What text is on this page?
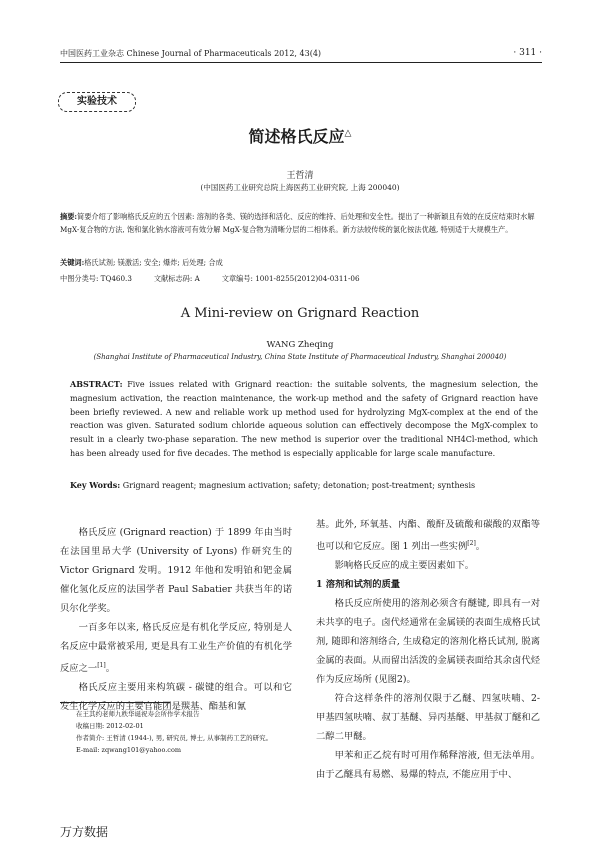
中国医药工业杂志 Chinese Journal of Pharmaceuticals 2012, 43(4)	· 311 ·
实验技术
简述格氏反应△
王哲清
(中国医药工业研究总院上海医药工业研究院, 上海 200040)
摘要:简要介绍了影响格氏反应的五个因素: 溶剂的各类、镁的选择和活化、反应的维持、后处理和安全性。提出了一种新颖且有效的在反应结束时水解 MgX-复合物的方法, 饱和氯化钠水溶液可有效分解 MgX-复合物为清晰分层的二相体系。新方法较传统的氯化铵法优越, 特别适于大规模生产。
关键词:格氏试剂; 镁激活; 安全; 爆炸; 后处理; 合成
中图分类号: TQ460.3	文献标志码: A	文章编号: 1001-8255(2012)04-0311-06
A Mini-review on Grignard Reaction
WANG Zheqing
(Shanghai Institute of Pharmaceutical Industry, China State Institute of Pharmaceutical Industry, Shanghai 200040)
ABSTRACT: Five issues related with Grignard reaction: the suitable solvents, the magnesium selection, the magnesium activation, the reaction maintenance, the work-up method and the safety of Grignard reaction have been briefly reviewed. A new and reliable work up method used for hydrolyzing MgX-complex at the end of the reaction was given. Saturated sodium chloride aqueous solution can effectively decompose the MgX-complex to result in a clearly two-phase separation. The new method is superior over the traditional NH4Cl-method, which has been already used for five decades. The method is especially applicable for large scale manufacture.
Key Words: Grignard reagent; magnesium activation; safety; detonation; post-treatment; synthesis

格氏反应 (Grignard reaction) 于 1899 年由当时在法国里昂大学 (University of Lyons) 作研究生的 Victor Grignard 发明。1912 年他和发明铂和钯金属催化氢化反应的法国学者 Paul Sabatier 共获当年的诺贝尔化学奖。

一百多年以来, 格氏反应是有机化学反应, 特别是人名反应中最常被采用, 更是具有工业生产价值的有机化学反应之一[1]。

格氏反应主要用来构筑碳 - 碳键的组合。可以和它发生化学反应的主要官能团是羰基、酯基和氰

基。此外, 环氧基、内酯、酸酐及硫酸和碳酸的双酯等也可以和它反应。图 1 列出一些实例[2]。

影响格氏反应的成主要因素如下。

1 溶剂和试剂的质量

格氏反应所使用的溶剂必须含有醚键, 即具有一对未共享的电子。卤代烃通常在金属镁的表面生成格氏试剂, 随即和溶剂络合, 生成稳定的溶剂化格氏试剂, 脱离金属的表面。从而留出活泼的金属镁表面给其余卤代烃作为反应场所 (见图2)。

符合这样条件的溶剂仅限于乙醚、四氢呋喃、2- 甲基四氢呋喃、叔丁基醚、异丙基醚、甲基叔丁醚和乙二醇二甲醚。

甲苯和正乙烷有时可用作稀释溶液, 但无法单用。由于乙醚具有易燃、易爆的特点, 不能应用于中、

在王其约老师九秩华诞祝寿会所作学术报告
收稿日期: 2012-02-01
作者简介: 王哲清 (1944-), 男, 研究员, 博士, 从事制药工艺的研究。
E-mail: zqwang101@yahoo.com
万方数据
